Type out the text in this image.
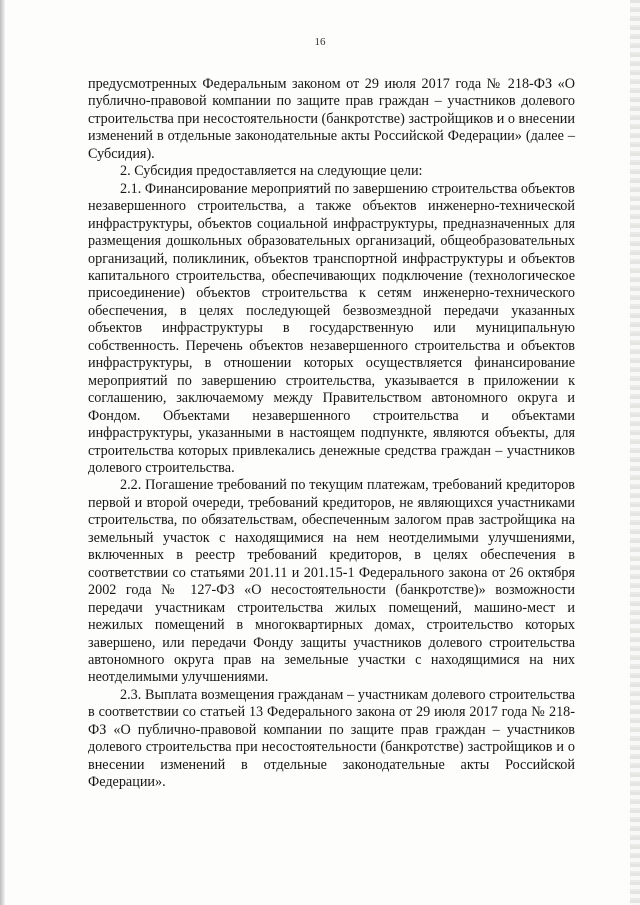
16

предусмотренных Федеральным законом от 29 июля 2017 года № 218-ФЗ «О публично-правовой компании по защите прав граждан – участников долевого строительства при несостоятельности (банкротстве) застройщиков и о внесении изменений в отдельные законодательные акты Российской Федерации» (далее – Субсидия).

2. Субсидия предоставляется на следующие цели:

2.1. Финансирование мероприятий по завершению строительства объектов незавершенного строительства, а также объектов инженерно-технической инфраструктуры, объектов социальной инфраструктуры, предназначенных для размещения дошкольных образовательных организаций, общеобразовательных организаций, поликлиник, объектов транспортной инфраструктуры и объектов капитального строительства, обеспечивающих подключение (технологическое присоединение) объектов строительства к сетям инженерно-технического обеспечения, в целях последующей безвозмездной передачи указанных объектов инфраструктуры в государственную или муниципальную собственность. Перечень объектов незавершенного строительства и объектов инфраструктуры, в отношении которых осуществляется финансирование мероприятий по завершению строительства, указывается в приложении к соглашению, заключаемому между Правительством автономного округа и Фондом. Объектами незавершенного строительства и объектами инфраструктуры, указанными в настоящем подпункте, являются объекты, для строительства которых привлекались денежные средства граждан – участников долевого строительства.

2.2. Погашение требований по текущим платежам, требований кредиторов первой и второй очереди, требований кредиторов, не являющихся участниками строительства, по обязательствам, обеспеченным залогом прав застройщика на земельный участок с находящимися на нем неотделимыми улучшениями, включенных в реестр требований кредиторов, в целях обеспечения в соответствии со статьями 201.11 и 201.15-1 Федерального закона от 26 октября 2002 года № 127-ФЗ «О несостоятельности (банкротстве)» возможности передачи участникам строительства жилых помещений, машино-мест и нежилых помещений в многоквартирных домах, строительство которых завершено, или передачи Фонду защиты участников долевого строительства автономного округа прав на земельные участки с находящимися на них неотделимыми улучшениями.

2.3. Выплата возмещения гражданам – участникам долевого строительства в соответствии со статьей 13 Федерального закона от 29 июля 2017 года № 218-ФЗ «О публично-правовой компании по защите прав граждан – участников долевого строительства при несостоятельности (банкротстве) застройщиков и о внесении изменений в отдельные законодательные акты Российской Федерации».
